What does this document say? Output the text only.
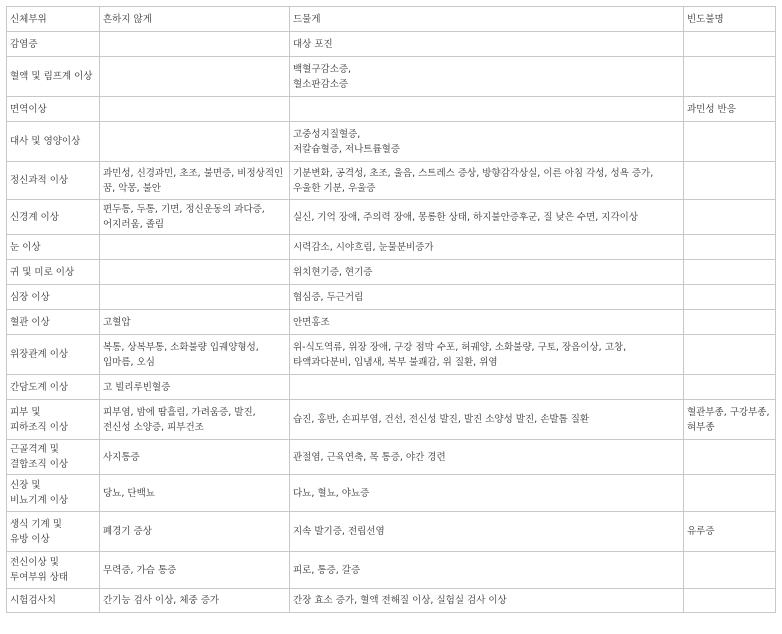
신체부위	흔하지 않게	드물게	빈도불명
감염증		대상 포진	
혈액 및 림프계 이상		백혈구감소증,
혈소판감소증	
면역이상			과민성 반응
대사 및 영양이상		고중성지질혈증,
저칼슘혈증, 저나트륨혈증	
정신과적 이상	과민성, 신경과민, 초조, 불면증, 비정상적인 꿈, 악몽, 불안	기분변화, 공격성, 초조, 울음, 스트레스 증상, 방향감각상실, 이른 아침 각성, 성욕 증가, 우울한 기분, 우울증	
신경계 이상	편두통, 두통, 기면, 정신운동의 과다증, 어지러움, 졸림	실신, 기억 장애, 주의력 장애, 몽롱한 상태, 하지불안증후군, 질 낮은 수면, 지각이상	
눈 이상		시력감소, 시야흐림, 눈물분비증가	
귀 및 미로 이상		위치현기증, 현기증	
심장 이상		협심증, 두근거림	
혈관 이상	고혈압	안면홍조	
위장관계 이상	복통, 상복부통, 소화불량 입궤양형성, 입마름, 오심	위-식도역류, 위장 장애, 구강 점막 수포, 허궤양, 소화불량, 구토, 장음이상, 고창, 타액과다분비, 입냄새, 복부 불쾌감, 위 질환, 위염	
간담도계 이상	고 빌리루빈혈증		
피부 및
피하조직 이상	피부염, 밤에 땀흘림, 가려움증, 발진, 전신성 소양증, 피부건조	습진, 홍반, 손피부염, 건선, 전신성 발진, 발진 소양성 발진, 손발톱 질환	혈관부종, 구강부종, 혀부종
근골격계 및 결합조직 이상	사지통증	관절염, 근육연축, 목 통증, 야간 경련	
신장 및
비뇨기계 이상	당뇨, 단백뇨	다뇨, 혈뇨, 야뇨증	
생식 기계 및
유방 이상	폐경기 증상	지속 발기증, 전립선염	유루증
전신이상 및
투여부위 상태	무력증, 가슴 통증	피로, 통증, 갈증	
시험검사치	간기능 검사 이상, 체중 증가	간장 효소 증가, 혈액 전해질 이상, 실험실 검사 이상	
